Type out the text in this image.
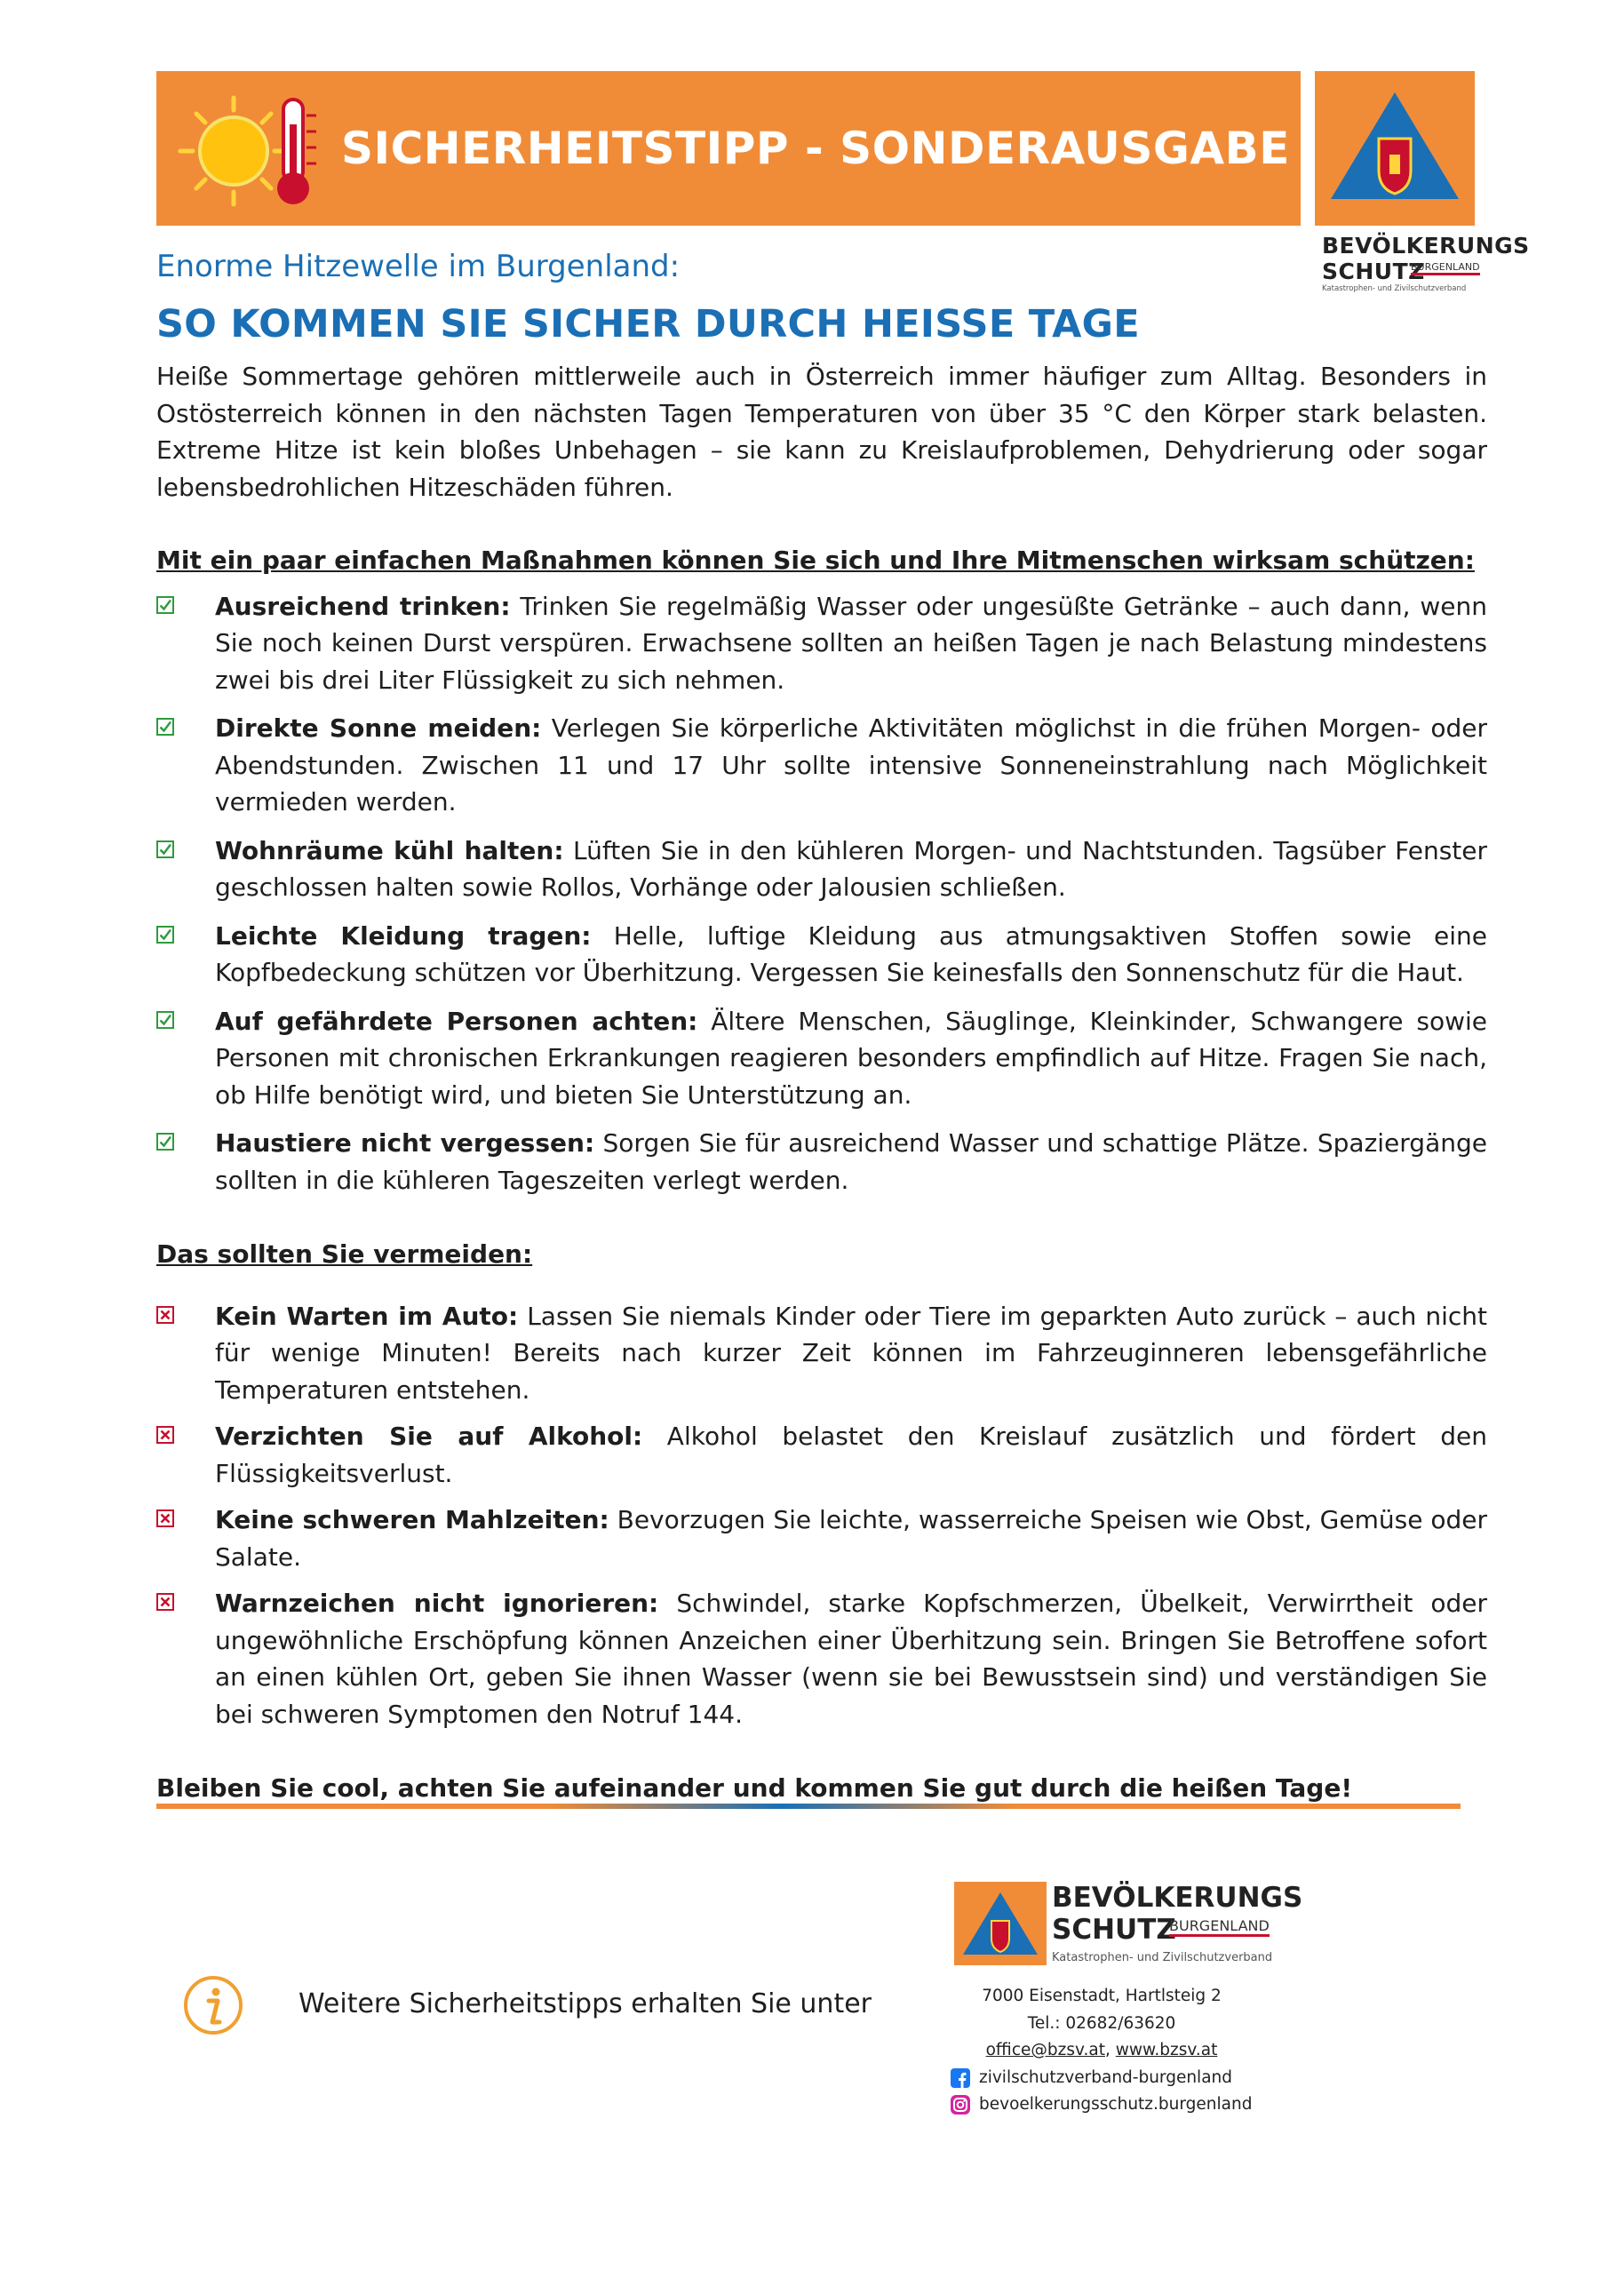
SICHERHEITSTIPP - SONDERAUSGABE
BEVÖLKERUNGS
SCHUTZ
BURGENLAND
Katastrophen- und Zivilschutzverband
Enorme Hitzewelle im Burgenland:
SO KOMMEN SIE SICHER DURCH HEISSE TAGE

Heiße Sommertage gehören mittlerweile auch in Österreich immer häufiger zum Alltag. Besonders in Ostösterreich können in den nächsten Tagen Temperaturen von über 35 °C den Körper stark belasten. Extreme Hitze ist kein bloßes Unbehagen – sie kann zu Kreislaufproblemen, Dehydrierung oder sogar lebensbedrohlichen Hitzeschäden führen.

Mit ein paar einfachen Maßnahmen können Sie sich und Ihre Mitmenschen wirksam schützen:

Ausreichend trinken: Trinken Sie regelmäßig Wasser oder ungesüßte Getränke – auch dann, wenn Sie noch keinen Durst verspüren. Erwachsene sollten an heißen Tagen je nach Belastung mindestens zwei bis drei Liter Flüssigkeit zu sich nehmen.
Direkte Sonne meiden: Verlegen Sie körperliche Aktivitäten möglichst in die frühen Morgen- oder Abendstunden. Zwischen 11 und 17 Uhr sollte intensive Sonneneinstrahlung nach Möglichkeit vermieden werden.
Wohnräume kühl halten: Lüften Sie in den kühleren Morgen- und Nachtstunden. Tagsüber Fenster geschlossen halten sowie Rollos, Vorhänge oder Jalousien schließen.
Leichte Kleidung tragen: Helle, luftige Kleidung aus atmungsaktiven Stoffen sowie eine Kopfbedeckung schützen vor Überhitzung. Vergessen Sie keinesfalls den Sonnenschutz für die Haut.
Auf gefährdete Personen achten: Ältere Menschen, Säuglinge, Kleinkinder, Schwangere sowie Personen mit chronischen Erkrankungen reagieren besonders empfindlich auf Hitze. Fragen Sie nach, ob Hilfe benötigt wird, und bieten Sie Unterstützung an.
Haustiere nicht vergessen: Sorgen Sie für ausreichend Wasser und schattige Plätze. Spaziergänge sollten in die kühleren Tageszeiten verlegt werden.

Das sollten Sie vermeiden:

Kein Warten im Auto: Lassen Sie niemals Kinder oder Tiere im geparkten Auto zurück – auch nicht für wenige Minuten! Bereits nach kurzer Zeit können im Fahrzeuginneren lebensgefährliche Temperaturen entstehen.
Verzichten Sie auf Alkohol: Alkohol belastet den Kreislauf zusätzlich und fördert den Flüssigkeitsverlust.
Keine schweren Mahlzeiten: Bevorzugen Sie leichte, wasserreiche Speisen wie Obst, Gemüse oder Salate.
Warnzeichen nicht ignorieren: Schwindel, starke Kopfschmerzen, Übelkeit, Verwirrtheit oder ungewöhnliche Erschöpfung können Anzeichen einer Überhitzung sein. Bringen Sie Betroffene sofort an einen kühlen Ort, geben Sie ihnen Wasser (wenn sie bei Bewusstsein sind) und verständigen Sie bei schweren Symptomen den Notruf 144.

Bleiben Sie cool, achten Sie aufeinander und kommen Sie gut durch die heißen Tage!

Weitere Sicherheitstipps erhalten Sie unter
BEVÖLKERUNGS
SCHUTZ
BURGENLAND
Katastrophen- und Zivilschutzverband
7000 Eisenstadt, Hartlsteig 2
Tel.: 02682/63620
office@bzsv.at, www.bzsv.at
zivilschutzverband-burgenland
bevoelkerungsschutz.burgenland
